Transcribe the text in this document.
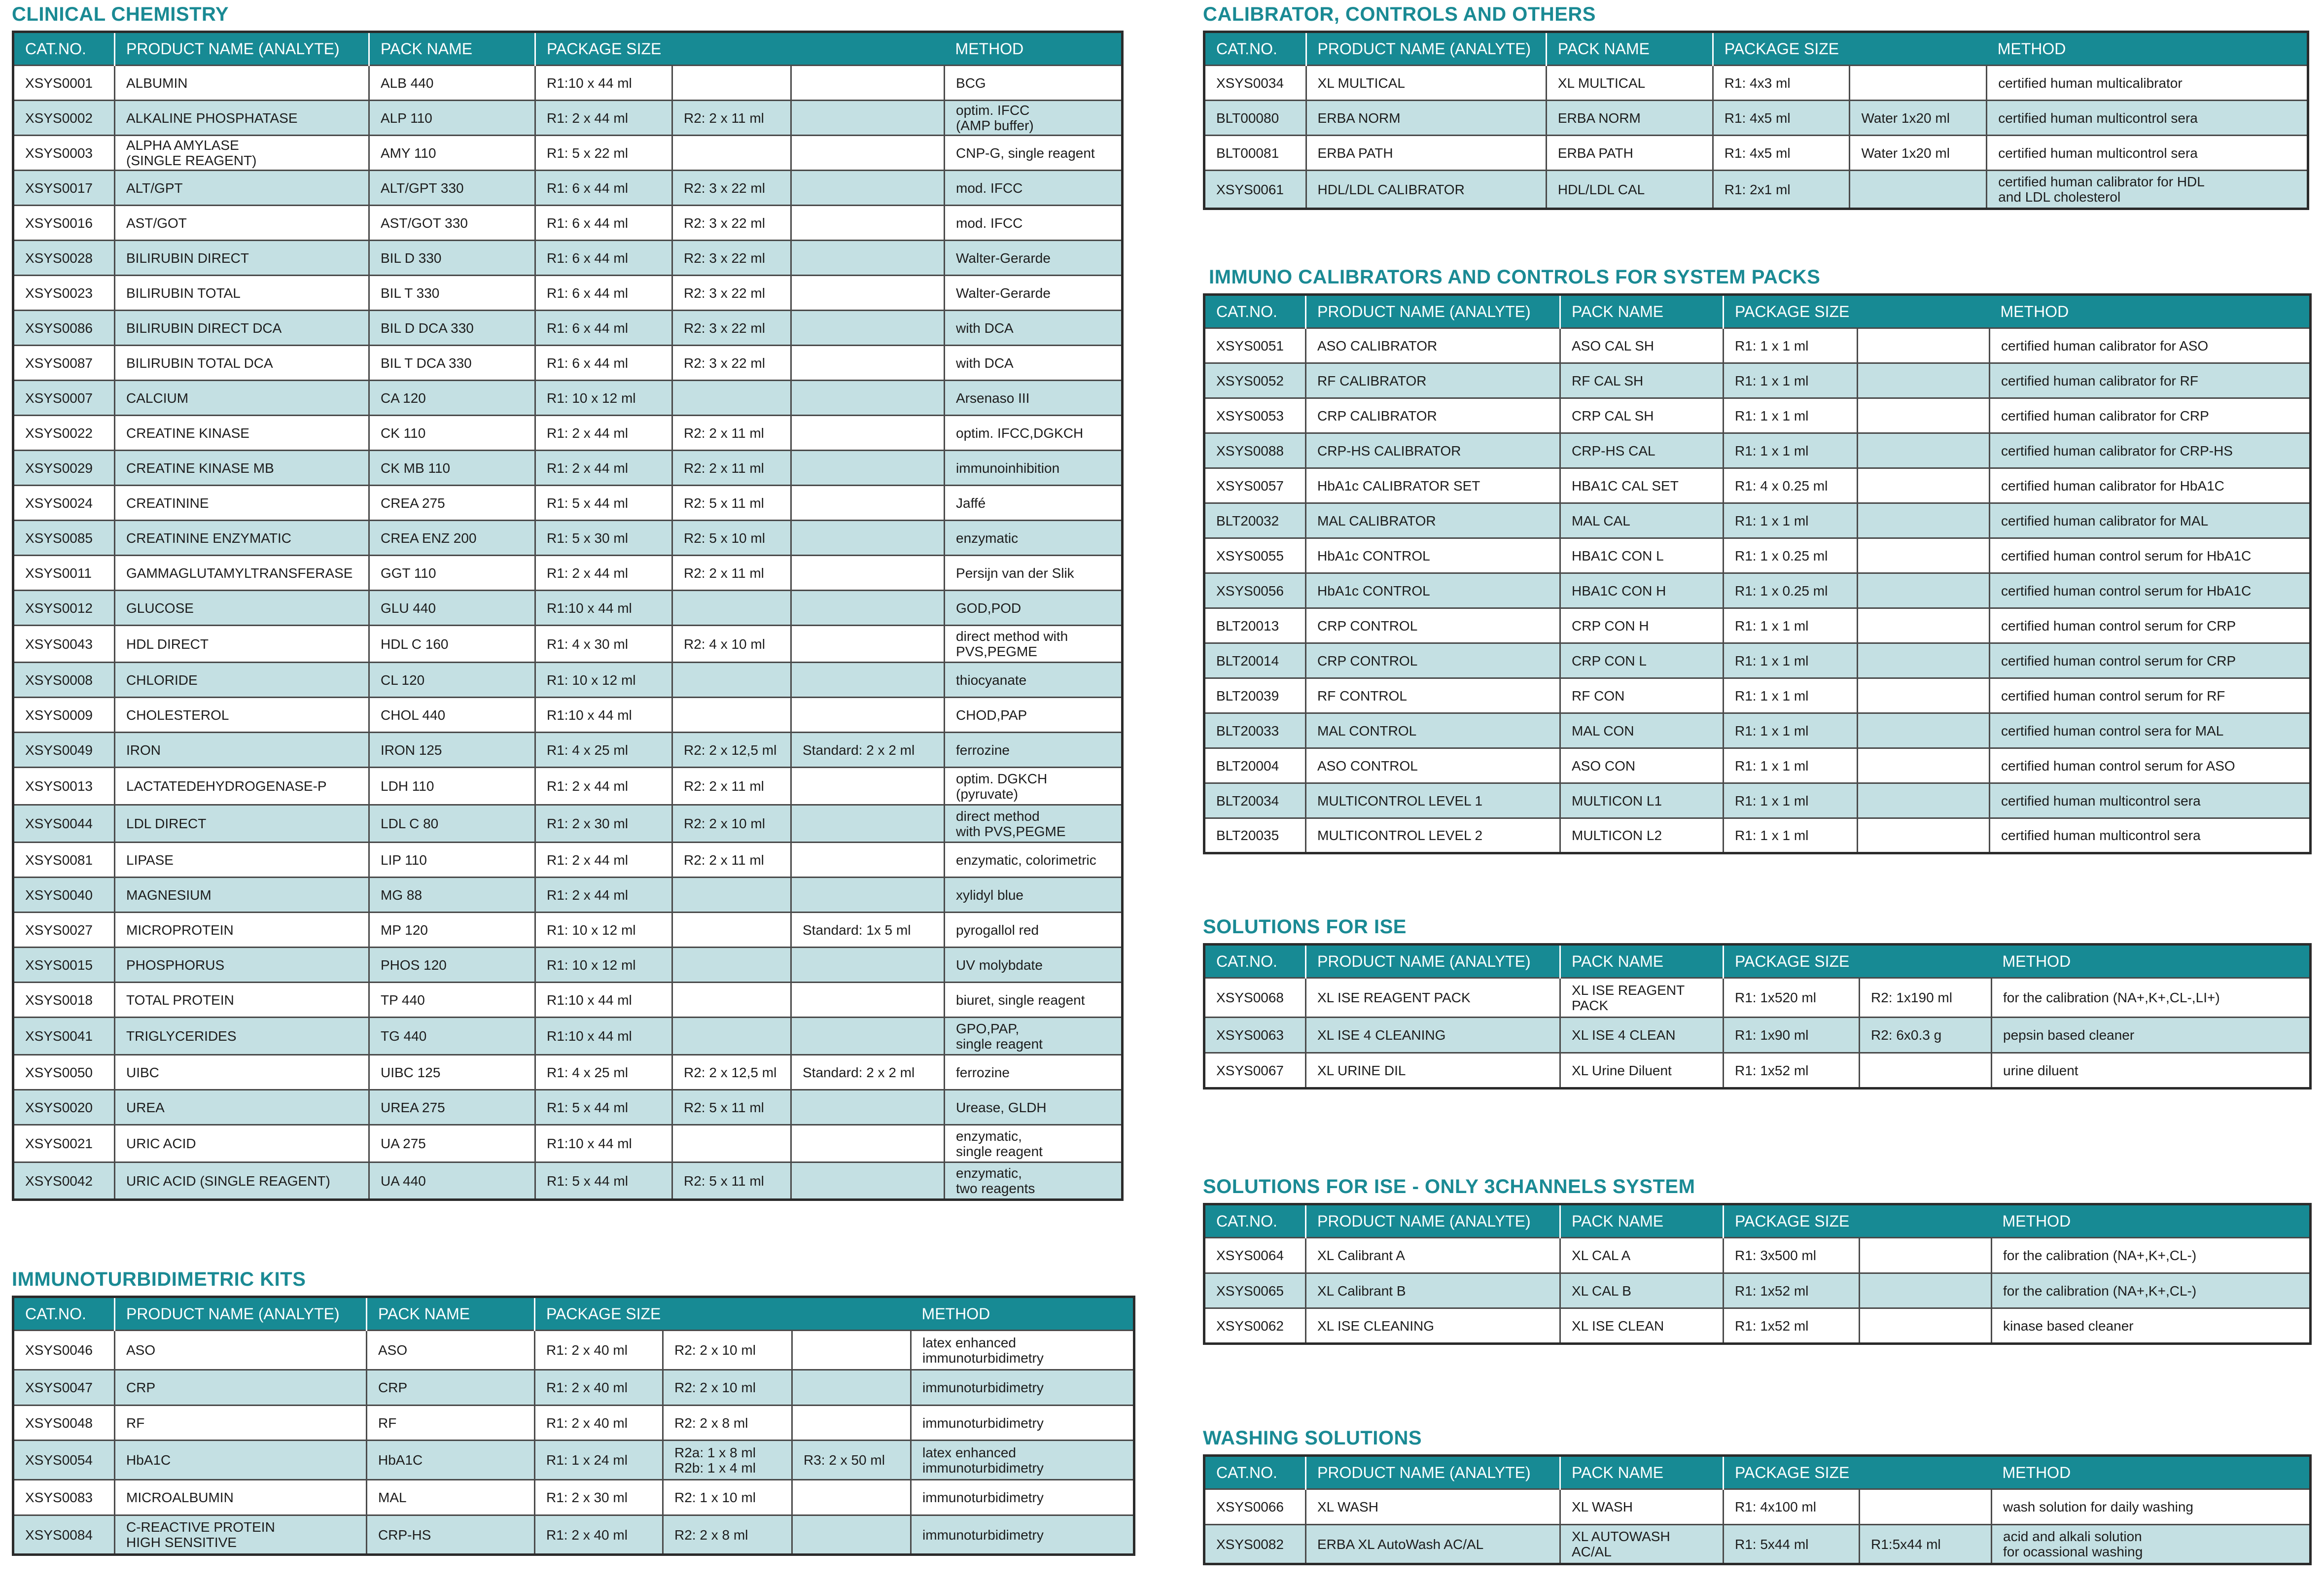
CLINICAL CHEMISTRY
CAT.NO.	PRODUCT NAME (ANALYTE)	PACK NAME	PACKAGE SIZE			METHOD

XSYS0001	ALBUMIN	ALB 440	R1:10 x 44 ml			BCG

XSYS0002	ALKALINE PHOSPHATASE	ALP 110	R1: 2 x 44 ml	R2: 2 x 11 ml		optim. IFCC
(AMP buffer)

XSYS0003	ALPHA AMYLASE
(SINGLE REAGENT)	AMY 110	R1: 5 x 22 ml			CNP-G, single reagent

XSYS0017	ALT/GPT	ALT/GPT 330	R1: 6 x 44 ml	R2: 3 x 22 ml		mod. IFCC

XSYS0016	AST/GOT	AST/GOT 330	R1: 6 x 44 ml	R2: 3 x 22 ml		mod. IFCC

XSYS0028	BILIRUBIN DIRECT	BIL D 330	R1: 6 x 44 ml	R2: 3 x 22 ml		Walter-Gerarde

XSYS0023	BILIRUBIN TOTAL	BIL T 330	R1: 6 x 44 ml	R2: 3 x 22 ml		Walter-Gerarde

XSYS0086	BILIRUBIN DIRECT DCA	BIL D DCA 330	R1: 6 x 44 ml	R2: 3 x 22 ml		with DCA

XSYS0087	BILIRUBIN TOTAL DCA	BIL T DCA 330	R1: 6 x 44 ml	R2: 3 x 22 ml		with DCA

XSYS0007	CALCIUM	CA 120	R1: 10 x 12 ml			Arsenaso III

XSYS0022	CREATINE KINASE	CK 110	R1: 2 x 44 ml	R2: 2 x 11 ml		optim. IFCC,DGKCH

XSYS0029	CREATINE KINASE MB	CK MB 110	R1: 2 x 44 ml	R2: 2 x 11 ml		immunoinhibition

XSYS0024	CREATININE	CREA 275	R1: 5 x 44 ml	R2: 5 x 11 ml		Jaffé

XSYS0085	CREATININE ENZYMATIC	CREA ENZ 200	R1: 5 x 30 ml	R2: 5 x 10 ml		enzymatic

XSYS0011	GAMMAGLUTAMYLTRANSFERASE	GGT 110	R1: 2 x 44 ml	R2: 2 x 11 ml		Persijn van der Slik

XSYS0012	GLUCOSE	GLU 440	R1:10 x 44 ml			GOD,POD

XSYS0043	HDL DIRECT	HDL C 160	R1: 4 x 30 ml	R2: 4 x 10 ml		direct method with
PVS,PEGME

XSYS0008	CHLORIDE	CL 120	R1: 10 x 12 ml			thiocyanate

XSYS0009	CHOLESTEROL	CHOL 440	R1:10 x 44 ml			CHOD,PAP

XSYS0049	IRON	IRON 125	R1: 4 x 25 ml	R2: 2 x 12,5 ml	Standard: 2 x 2 ml	ferrozine

XSYS0013	LACTATEDEHYDROGENASE-P	LDH 110	R1: 2 x 44 ml	R2: 2 x 11 ml		optim. DGKCH
(pyruvate)

XSYS0044	LDL DIRECT	LDL C 80	R1: 2 x 30 ml	R2: 2 x 10 ml		direct method
with PVS,PEGME

XSYS0081	LIPASE	LIP 110	R1: 2 x 44 ml	R2: 2 x 11 ml		enzymatic, colorimetric

XSYS0040	MAGNESIUM	MG 88	R1: 2 x 44 ml			xylidyl blue

XSYS0027	MICROPROTEIN	MP 120	R1: 10 x 12 ml		Standard: 1x 5 ml	pyrogallol red

XSYS0015	PHOSPHORUS	PHOS 120	R1: 10 x 12 ml			UV molybdate

XSYS0018	TOTAL PROTEIN	TP 440	R1:10 x 44 ml			biuret, single reagent

XSYS0041	TRIGLYCERIDES	TG 440	R1:10 x 44 ml			GPO,PAP,
single reagent

XSYS0050	UIBC	UIBC 125	R1: 4 x 25 ml	R2: 2 x 12,5 ml	Standard: 2 x 2 ml	ferrozine

XSYS0020	UREA	UREA 275	R1: 5 x 44 ml	R2: 5 x 11 ml		Urease, GLDH

XSYS0021	URIC ACID	UA 275	R1:10 x 44 ml			enzymatic,
single reagent

XSYS0042	URIC ACID (SINGLE REAGENT)	UA 440	R1: 5 x 44 ml	R2: 5 x 11 ml		enzymatic,
two reagents
IMMUNOTURBIDIMETRIC KITS
CAT.NO.	PRODUCT NAME (ANALYTE)	PACK NAME	PACKAGE SIZE			METHOD

XSYS0046	ASO	ASO	R1: 2 x 40 ml	R2: 2 x 10 ml		latex enhanced
immunoturbidimetry

XSYS0047	CRP	CRP	R1: 2 x 40 ml	R2: 2 x 10 ml		immunoturbidimetry

XSYS0048	RF	RF	R1: 2 x 40 ml	R2: 2 x 8 ml		immunoturbidimetry

XSYS0054	HbA1C	HbA1C	R1: 1 x 24 ml	R2a: 1 x 8 ml
R2b: 1 x 4 ml	R3: 2 x 50 ml	latex enhanced
immunoturbidimetry

XSYS0083	MICROALBUMIN	MAL	R1: 2 x 30 ml	R2: 1 x 10 ml		immunoturbidimetry

XSYS0084	C-REACTIVE PROTEIN
HIGH SENSITIVE	CRP-HS	R1: 2 x 40 ml	R2: 2 x 8 ml		immunoturbidimetry
CALIBRATOR, CONTROLS AND OTHERS
CAT.NO.	PRODUCT NAME (ANALYTE)	PACK NAME	PACKAGE SIZE		METHOD

XSYS0034	XL MULTICAL	XL MULTICAL	R1: 4x3 ml		certified human multicalibrator

BLT00080	ERBA NORM	ERBA NORM	R1: 4x5 ml	Water 1x20 ml	certified human multicontrol sera

BLT00081	ERBA PATH	ERBA PATH	R1: 4x5 ml	Water 1x20 ml	certified human multicontrol sera

XSYS0061	HDL/LDL CALIBRATOR	HDL/LDL CAL	R1: 2x1 ml		certified human calibrator for HDL
and LDL cholesterol
IMMUNO CALIBRATORS AND CONTROLS FOR SYSTEM PACKS
CAT.NO.	PRODUCT NAME (ANALYTE)	PACK NAME	PACKAGE SIZE		METHOD

XSYS0051	ASO CALIBRATOR	ASO CAL SH	R1: 1 x 1 ml		certified human calibrator for ASO

XSYS0052	RF CALIBRATOR	RF CAL SH	R1: 1 x 1 ml		certified human calibrator for RF

XSYS0053	CRP CALIBRATOR	CRP CAL SH	R1: 1 x 1 ml		certified human calibrator for CRP

XSYS0088	CRP-HS CALIBRATOR	CRP-HS CAL	R1: 1 x 1 ml		certified human calibrator for CRP-HS

XSYS0057	HbA1c CALIBRATOR SET	HBA1C CAL SET	R1: 4 x 0.25 ml		certified human calibrator for HbA1C

BLT20032	MAL CALIBRATOR	MAL CAL	R1: 1 x 1 ml		certified human calibrator for MAL

XSYS0055	HbA1c CONTROL	HBA1C CON L	R1: 1 x 0.25 ml		certified human control serum for HbA1C

XSYS0056	HbA1c CONTROL	HBA1C CON H	R1: 1 x 0.25 ml		certified human control serum for HbA1C

BLT20013	CRP CONTROL	CRP CON H	R1: 1 x 1 ml		certified human control serum for CRP

BLT20014	CRP CONTROL	CRP CON L	R1: 1 x 1 ml		certified human control serum for CRP

BLT20039	RF CONTROL	RF CON	R1: 1 x 1 ml		certified human control serum for RF

BLT20033	MAL CONTROL	MAL CON	R1: 1 x 1 ml		certified human control sera for MAL

BLT20004	ASO CONTROL	ASO CON	R1: 1 x 1 ml		certified human control serum for ASO

BLT20034	MULTICONTROL LEVEL 1	MULTICON L1	R1: 1 x 1 ml		certified human multicontrol sera

BLT20035	MULTICONTROL LEVEL 2	MULTICON L2	R1: 1 x 1 ml		certified human multicontrol sera
SOLUTIONS FOR ISE
CAT.NO.	PRODUCT NAME (ANALYTE)	PACK NAME	PACKAGE SIZE		METHOD

XSYS0068	XL ISE REAGENT PACK	XL ISE REAGENT
PACK	R1: 1x520 ml	R2: 1x190 ml	for the calibration (NA+,K+,CL-,LI+)

XSYS0063	XL ISE 4 CLEANING	XL ISE 4 CLEAN	R1: 1x90 ml	R2: 6x0.3 g	pepsin based cleaner

XSYS0067	XL URINE DIL	XL Urine Diluent	R1: 1x52 ml		urine diluent
SOLUTIONS FOR ISE - ONLY 3CHANNELS SYSTEM
CAT.NO.	PRODUCT NAME (ANALYTE)	PACK NAME	PACKAGE SIZE		METHOD

XSYS0064	XL Calibrant A	XL CAL A	R1: 3x500 ml		for the calibration (NA+,K+,CL-)

XSYS0065	XL Calibrant B	XL CAL B	R1: 1x52 ml		for the calibration (NA+,K+,CL-)

XSYS0062	XL ISE CLEANING	XL ISE CLEAN	R1: 1x52 ml		kinase based cleaner
WASHING SOLUTIONS
CAT.NO.	PRODUCT NAME (ANALYTE)	PACK NAME	PACKAGE SIZE		METHOD

XSYS0066	XL WASH	XL WASH	R1: 4x100 ml		wash solution for daily washing

XSYS0082	ERBA XL AutoWash AC/AL	XL AUTOWASH
AC/AL	R1: 5x44 ml	R1:5x44 ml	acid and alkali solution
for ocassional washing
